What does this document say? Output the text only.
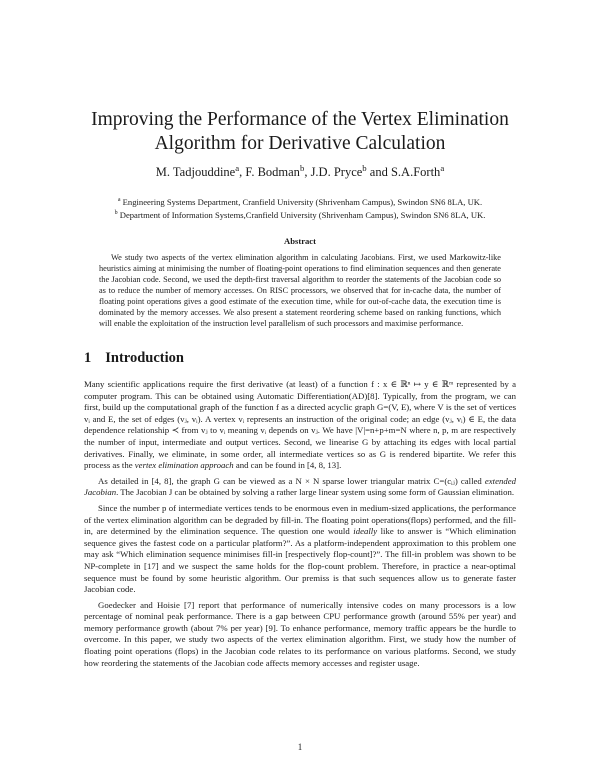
Improving the Performance of the Vertex Elimination
Algorithm for Derivative Calculation
M. Tadjouddine$^a$, F. Bodman$^b$, J.D. Pryce$^b$ and S.A.Forth$^a$
$^a$ Engineering Systems Department, Cranfield University (Shrivenham Campus), Swindon SN6 8LA, UK.
$^b$ Department of Information Systems,Cranfield University (Shrivenham Campus), Swindon SN6 8LA, UK.
Abstract
We study two aspects of the vertex elimination algorithm in calculating Jacobians. First, we used Markowitz-like heuristics aiming at minimising the number of floating-point operations to find elimination sequences and then generate the Jacobian code. Second, we used the depth-first traversal algorithm to reorder the statements of the Jacobian code so as to reduce the number of memory accesses. On RISC processors, we observed that for in-cache data, the number of floating point operations gives a good estimate of the execution time, while for out-of-cache data, the execution time is dominated by the memory accesses. We also present a statement reordering scheme based on ranking functions, which will enable the exploitation of the instruction level parallelism of such processors and maximise performance.
1 Introduction

Many scientific applications require the first derivative (at least) of a function f : x ∈ ℝⁿ ↦ y ∈ ℝᵐ represented by a computer program. This can be obtained using Automatic Differentiation(AD)[8]. Typically, from the program, we can first, build up the computational graph of the function f as a directed acyclic graph G=(V, E), where V is the set of vertices vᵢ and E, the set of edges (vⱼ, vᵢ). A vertex vᵢ represents an instruction of the original code; an edge (vⱼ, vᵢ) ∈ E, the data dependence relationship ≺ from vⱼ to vᵢ meaning vᵢ depends on vⱼ. We have |V|=n+p+m=N where n, p, m are respectively the number of input, intermediate and output vertices. Second, we linearise G by attaching its edges with local partial derivatives. Finally, we eliminate, in some order, all intermediate vertices so as G is rendered bipartite. We refer this process as the vertex elimination approach and can be found in [4, 8, 13].

As detailed in [4, 8], the graph G can be viewed as a N × N sparse lower triangular matrix C=(cᵢⱼ) called extended Jacobian. The Jacobian J can be obtained by solving a rather large linear system using some form of Gaussian elimination.

Since the number p of intermediate vertices tends to be enormous even in medium-sized applications, the performance of the vertex elimination algorithm can be degraded by fill-in. The floating point operations(flops) performed, and the fill-in, are determined by the elimination sequence. The question one would ideally like to answer is “Which elimination sequence gives the fastest code on a particular platform?”. As a platform-independent approximation to this problem one may ask “Which elimination sequence minimises fill-in [respectively flop-count]?”. The fill-in problem was shown to be NP-complete in [17] and we suspect the same holds for the flop-count problem. Therefore, in practice a near-optimal sequence must be found by some heuristic algorithm. Our premiss is that such sequences allow us to generate faster Jacobian code.

Goedecker and Hoisie [7] report that performance of numerically intensive codes on many processors is a low percentage of nominal peak performance. There is a gap between CPU performance growth (around 55% per year) and memory performance growth (about 7% per year) [9]. To enhance performance, memory traffic appears be the hurdle to overcome. In this paper, we study two aspects of the vertex elimination algorithm. First, we study how the number of floating point operations (flops) in the Jacobian code relates to its performance on various platforms. Second, we study how reordering the statements of the Jacobian code affects memory accesses and register usage.

1
